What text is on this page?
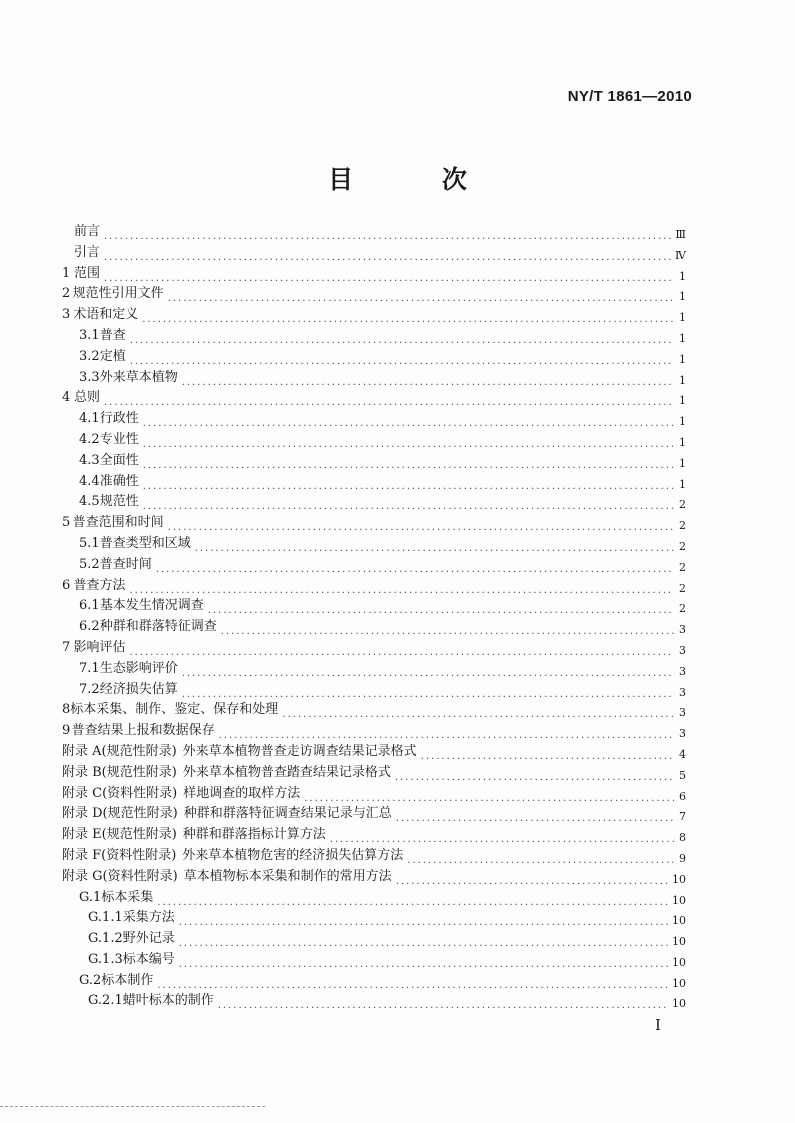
NY/T 1861—2010
目 次
前言 .....	Ⅲ
引言 .....	Ⅳ
1 范围 .....	1
2 规范性引用文件 .....	1
3 术语和定义 .....	1
3.1 普查 .....	1
3.2 定植 .....	1
3.3 外来草本植物 .....	1
4 总则 .....	1
4.1 行政性 .....	1
4.2 专业性 .....	1
4.3 全面性 .....	1
4.4 准确性 .....	1
4.5 规范性 .....	2
5 普查范围和时间 .....	2
5.1 普查类型和区域 .....	2
5.2 普查时间 .....	2
6 普查方法 .....	2
6.1 基本发生情况调查 .....	2
6.2 种群和群落特征调查 .....	3
7 影响评估 .....	3
7.1 生态影响评价 .....	3
7.2 经济损失估算 .....	3
8 标本采集、制作、鉴定、保存和处理 .....	3
9 普查结果上报和数据保存 .....	3
附录 A(规范性附录) 外来草本植物普查走访调查结果记录格式 .....	4
附录 B(规范性附录) 外来草本植物普查踏查结果记录格式 .....	5
附录 C(资料性附录) 样地调查的取样方法 .....	6
附录 D(规范性附录) 种群和群落特征调查结果记录与汇总 .....	7
附录 E(规范性附录) 种群和群落指标计算方法 .....	8
附录 F(资料性附录) 外来草本植物危害的经济损失估算方法 .....	9
附录 G(资料性附录) 草本植物标本采集和制作的常用方法 .....	10
G.1 标本采集 .....	10
G.1.1 采集方法 .....	10
G.1.2 野外记录 .....	10
G.1.3 标本编号 .....	10
G.2 标本制作 .....	10
G.2.1 蜡叶标本的制作 .....	10
I
